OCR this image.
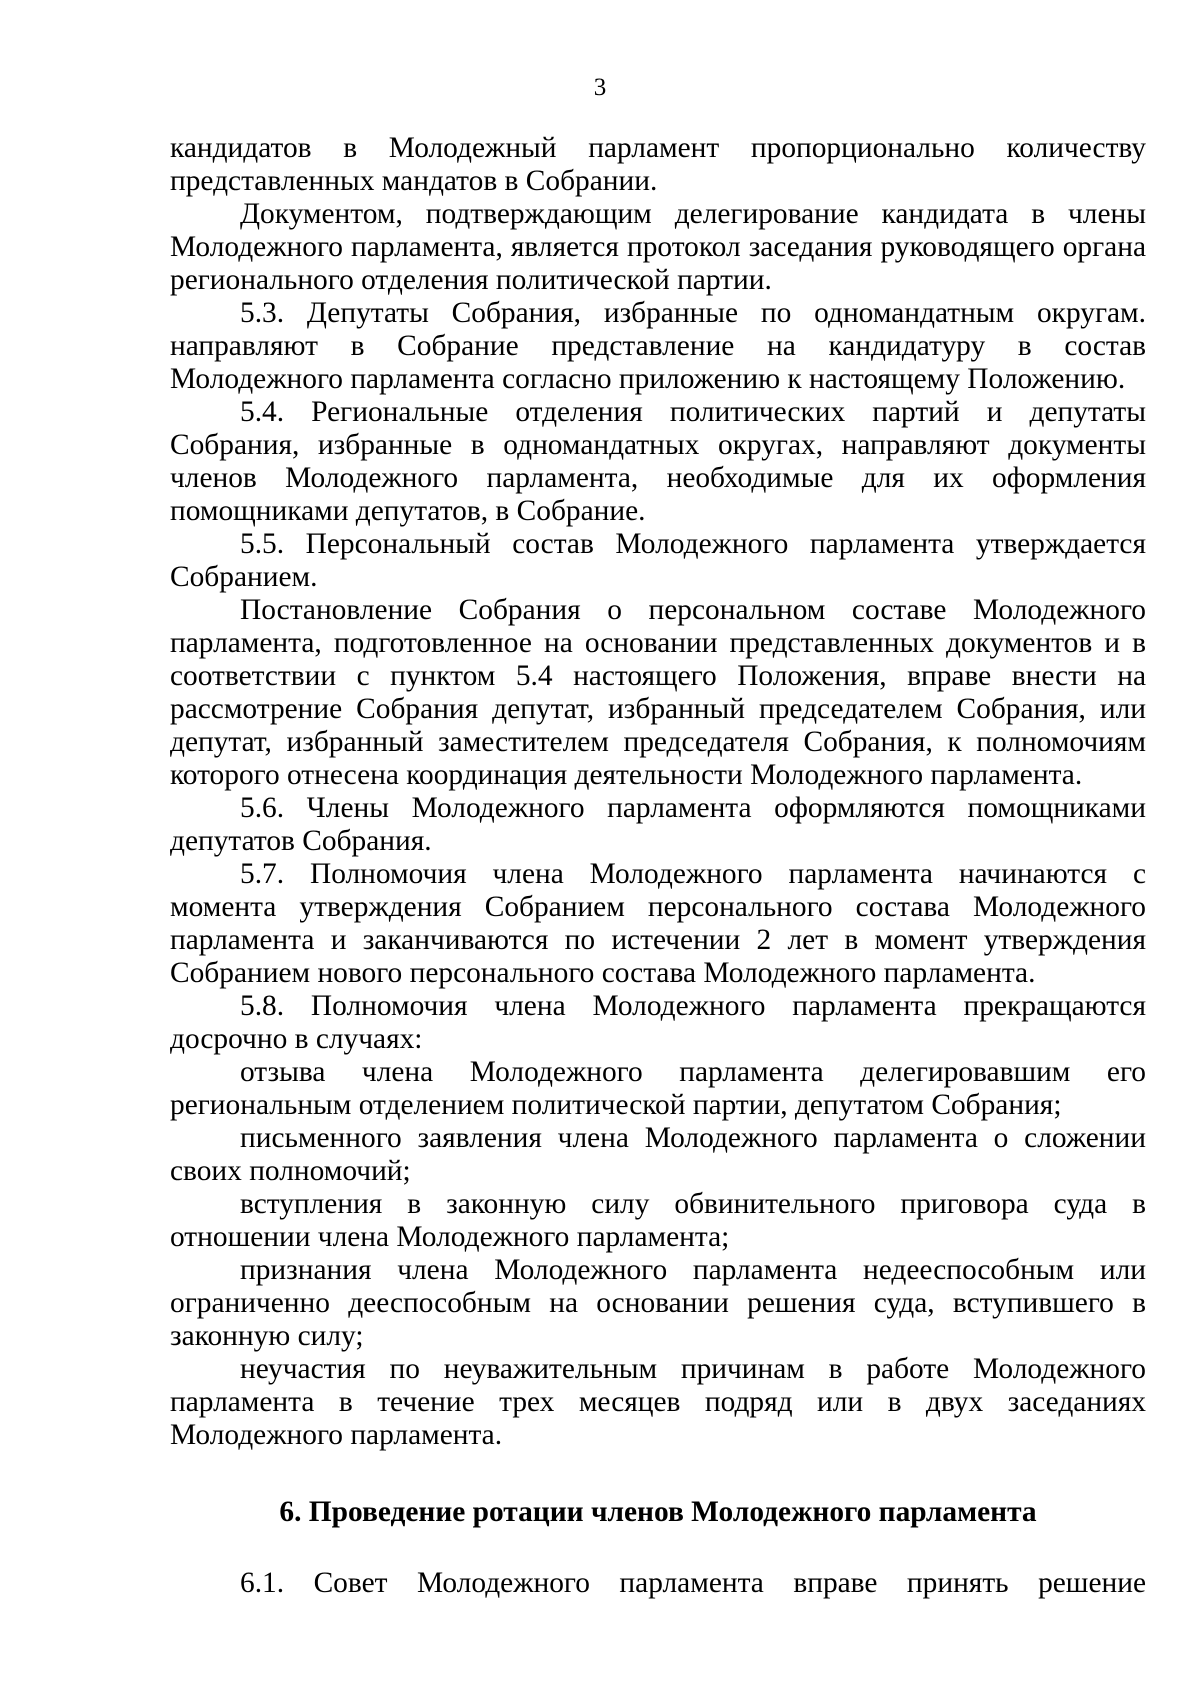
3

кандидатов в Молодежный парламент пропорционально количеству представленных мандатов в Собрании.

Документом, подтверждающим делегирование кандидата в члены Молодежного парламента, является протокол заседания руководящего органа регионального отделения политической партии.

5.3. Депутаты Собрания, избранные по одномандатным округам. направляют в Собрание представление на кандидатуру в состав Молодежного парламента согласно приложению к настоящему Положению.

5.4. Региональные отделения политических партий и депутаты Собрания, избранные в одномандатных округах, направляют документы членов Молодежного парламента, необходимые для их оформления помощниками депутатов, в Собрание.

5.5. Персональный состав Молодежного парламента утверждается Собранием.

Постановление Собрания о персональном составе Молодежного парламента, подготовленное на основании представленных документов и в соответствии с пунктом 5.4 настоящего Положения, вправе внести на рассмотрение Собрания депутат, избранный председателем Собрания, или депутат, избранный заместителем председателя Собрания, к полномочиям которого отнесена координация деятельности Молодежного парламента.

5.6. Члены Молодежного парламента оформляются помощниками депутатов Собрания.

5.7. Полномочия члена Молодежного парламента начинаются с момента утверждения Собранием персонального состава Молодежного парламента и заканчиваются по истечении 2 лет в момент утверждения Собранием нового персонального состава Молодежного парламента.

5.8. Полномочия члена Молодежного парламента прекращаются досрочно в случаях:

отзыва члена Молодежного парламента делегировавшим его региональным отделением политической партии, депутатом Собрания;

письменного заявления члена Молодежного парламента о сложении своих полномочий;

вступления в законную силу обвинительного приговора суда в отношении члена Молодежного парламента;

признания члена Молодежного парламента недееспособным или ограниченно дееспособным на основании решения суда, вступившего в законную силу;

неучастия по неуважительным причинам в работе Молодежного парламента в течение трех месяцев подряд или в двух заседаниях Молодежного парламента.

6. Проведение ротации членов Молодежного парламента

6.1. Совет Молодежного парламента вправе принять решение
